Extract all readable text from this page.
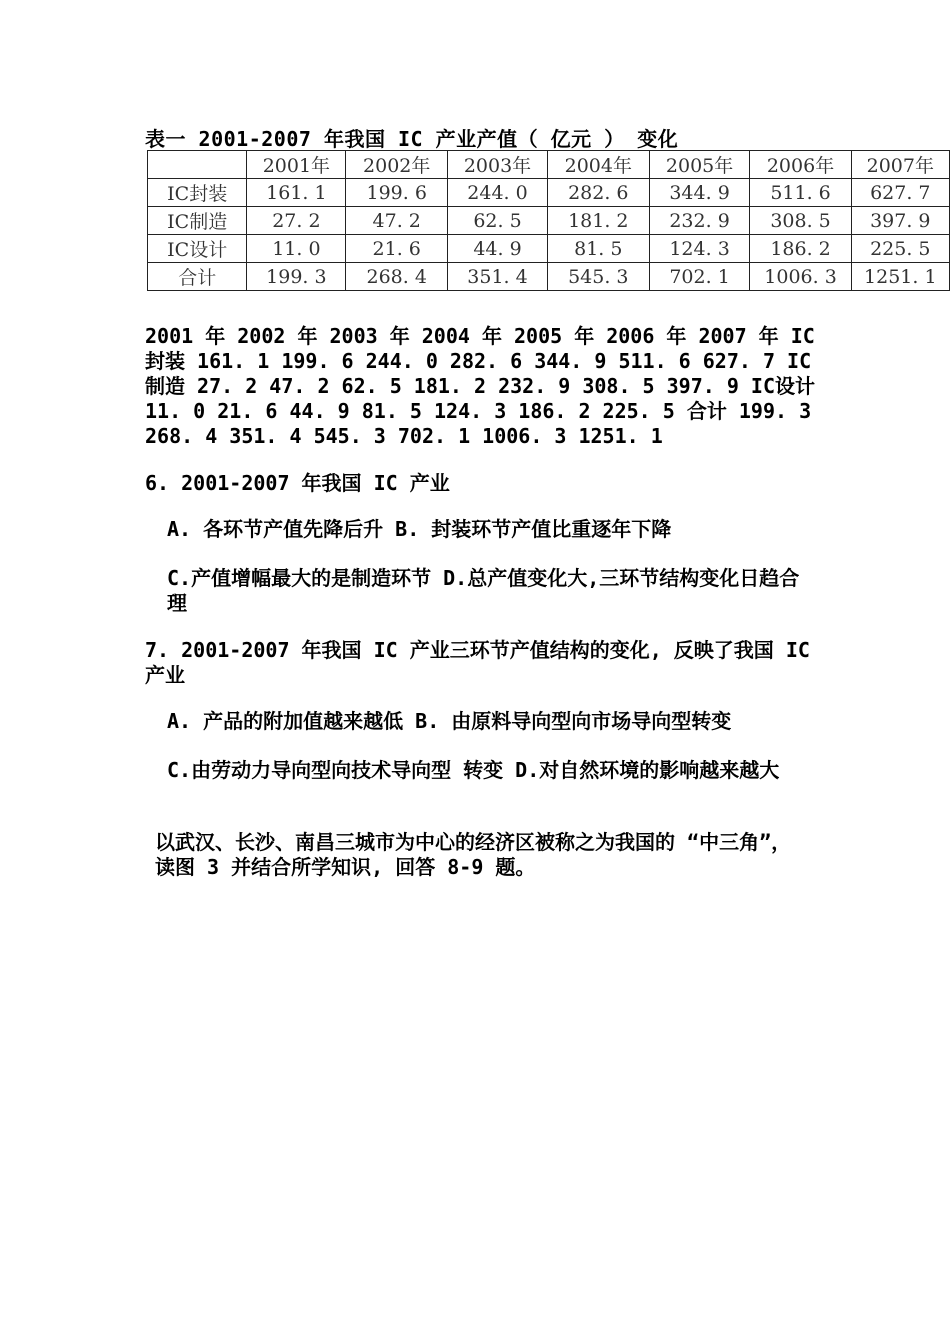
表一 2001-2007 年我国 IC 产业产值（ 亿元 ） 变化
	2001年	2002年	2003年	2004年	2005年	2006年	2007年
IC封装	161. 1	199. 6	244. 0	282. 6	344. 9	511. 6	627. 7
IC制造	27. 2	47. 2	62. 5	181. 2	232. 9	308. 5	397. 9
IC设计	11. 0	21. 6	44. 9	81. 5	124. 3	186. 2	225. 5
合计	199. 3	268. 4	351. 4	545. 3	702. 1	1006. 3	1251. 1
2001 年 2002 年 2003 年 2004 年 2005 年 2006 年 2007 年 IC封装 161. 1 199. 6 244. 0 282. 6 344. 9 511. 6 627. 7 IC制造 27. 2 47. 2 62. 5 181. 2 232. 9 308. 5 397. 9 IC设计 11. 0 21. 6 44. 9 81. 5 124. 3 186. 2 225. 5 合计 199. 3 268. 4 351. 4 545. 3 702. 1 1006. 3 1251. 1
6. 2001-2007 年我国 IC 产业
A. 各环节产值先降后升 B. 封装环节产值比重逐年下降
C.产值增幅最大的是制造环节 D.总产值变化大,三环节结构变化日趋合理
7. 2001-2007 年我国 IC 产业三环节产值结构的变化, 反映了我国 IC 产业
A. 产品的附加值越来越低 B. 由原料导向型向市场导向型转变
C.由劳动力导向型向技术导向型 转变 D.对自然环境的影响越来越大
以武汉、长沙、南昌三城市为中心的经济区被称之为我国的 “中三角”， 读图 3 并结合所学知识, 回答 8-9 题。
